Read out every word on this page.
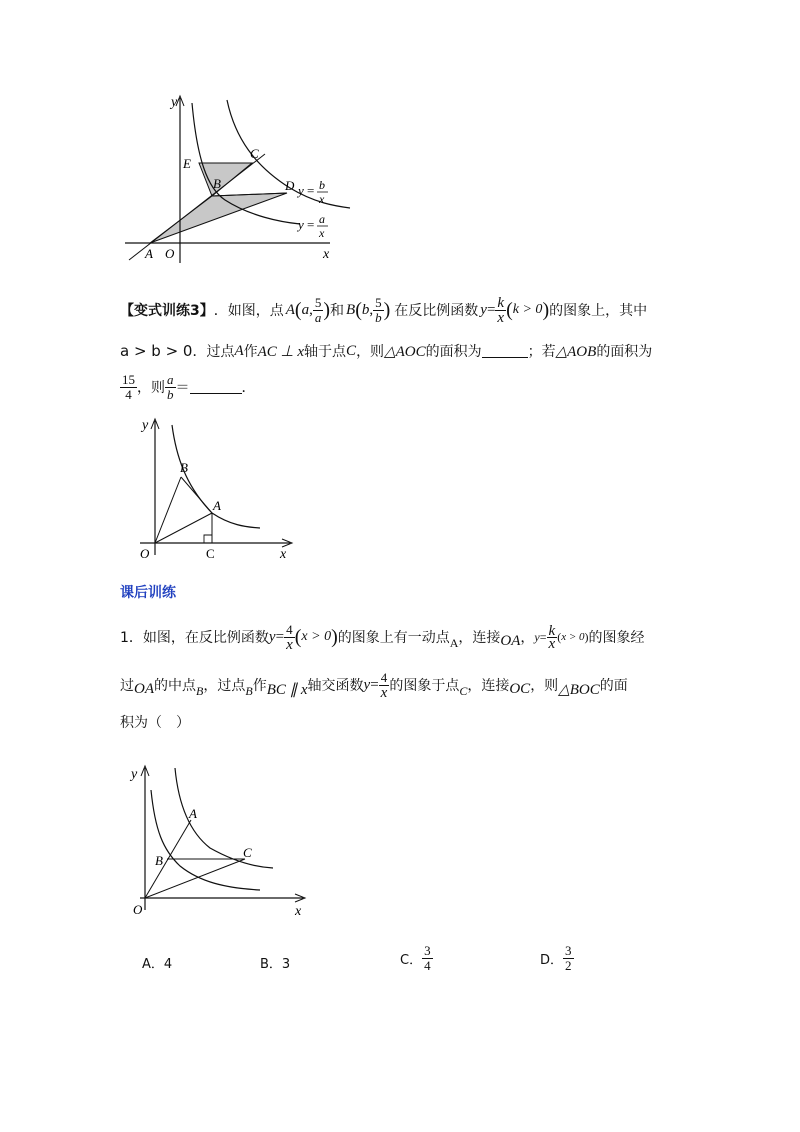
y
x
E
C
B	D
A O
y = b
x
y = a
x
【变式训练3】 ．如图，点 A ( a , $\frac{5}{a}$ ) 和 B ( b , $\frac{5}{b}$ ) 在反比例函数 $y = \frac{k}{x}$ ( k > 0 ) 的图象上，其中
a > b > 0 ．过点 A 作 AC ⊥ x 轴于点 C ，则 △AOC 的面积为	；若 △AOB 的面积为
$\frac{15}{4}$ ，则 $\frac{a}{b}$ ＝	．
y
x
B
A
O	C
课后训练
1．如图，在反比例函数 $y = \frac{4}{x}$ ( x > 0 ) 的图象上有一动点 A ，连接 OA ， $y = \frac{k}{x}$ ( x > 0 ) 的图象经
过 OA 的中点 B ，过点 B 作 BC ∥ x 轴交函数 $y = \frac{4}{x}$ 的图象于点 C ，连接 OC ，则 △BOC 的面
积为（　）
y
x
A
B
C
O
A．4	B．3	C． $\frac{3}{4}$	D． $\frac{3}{2}$
